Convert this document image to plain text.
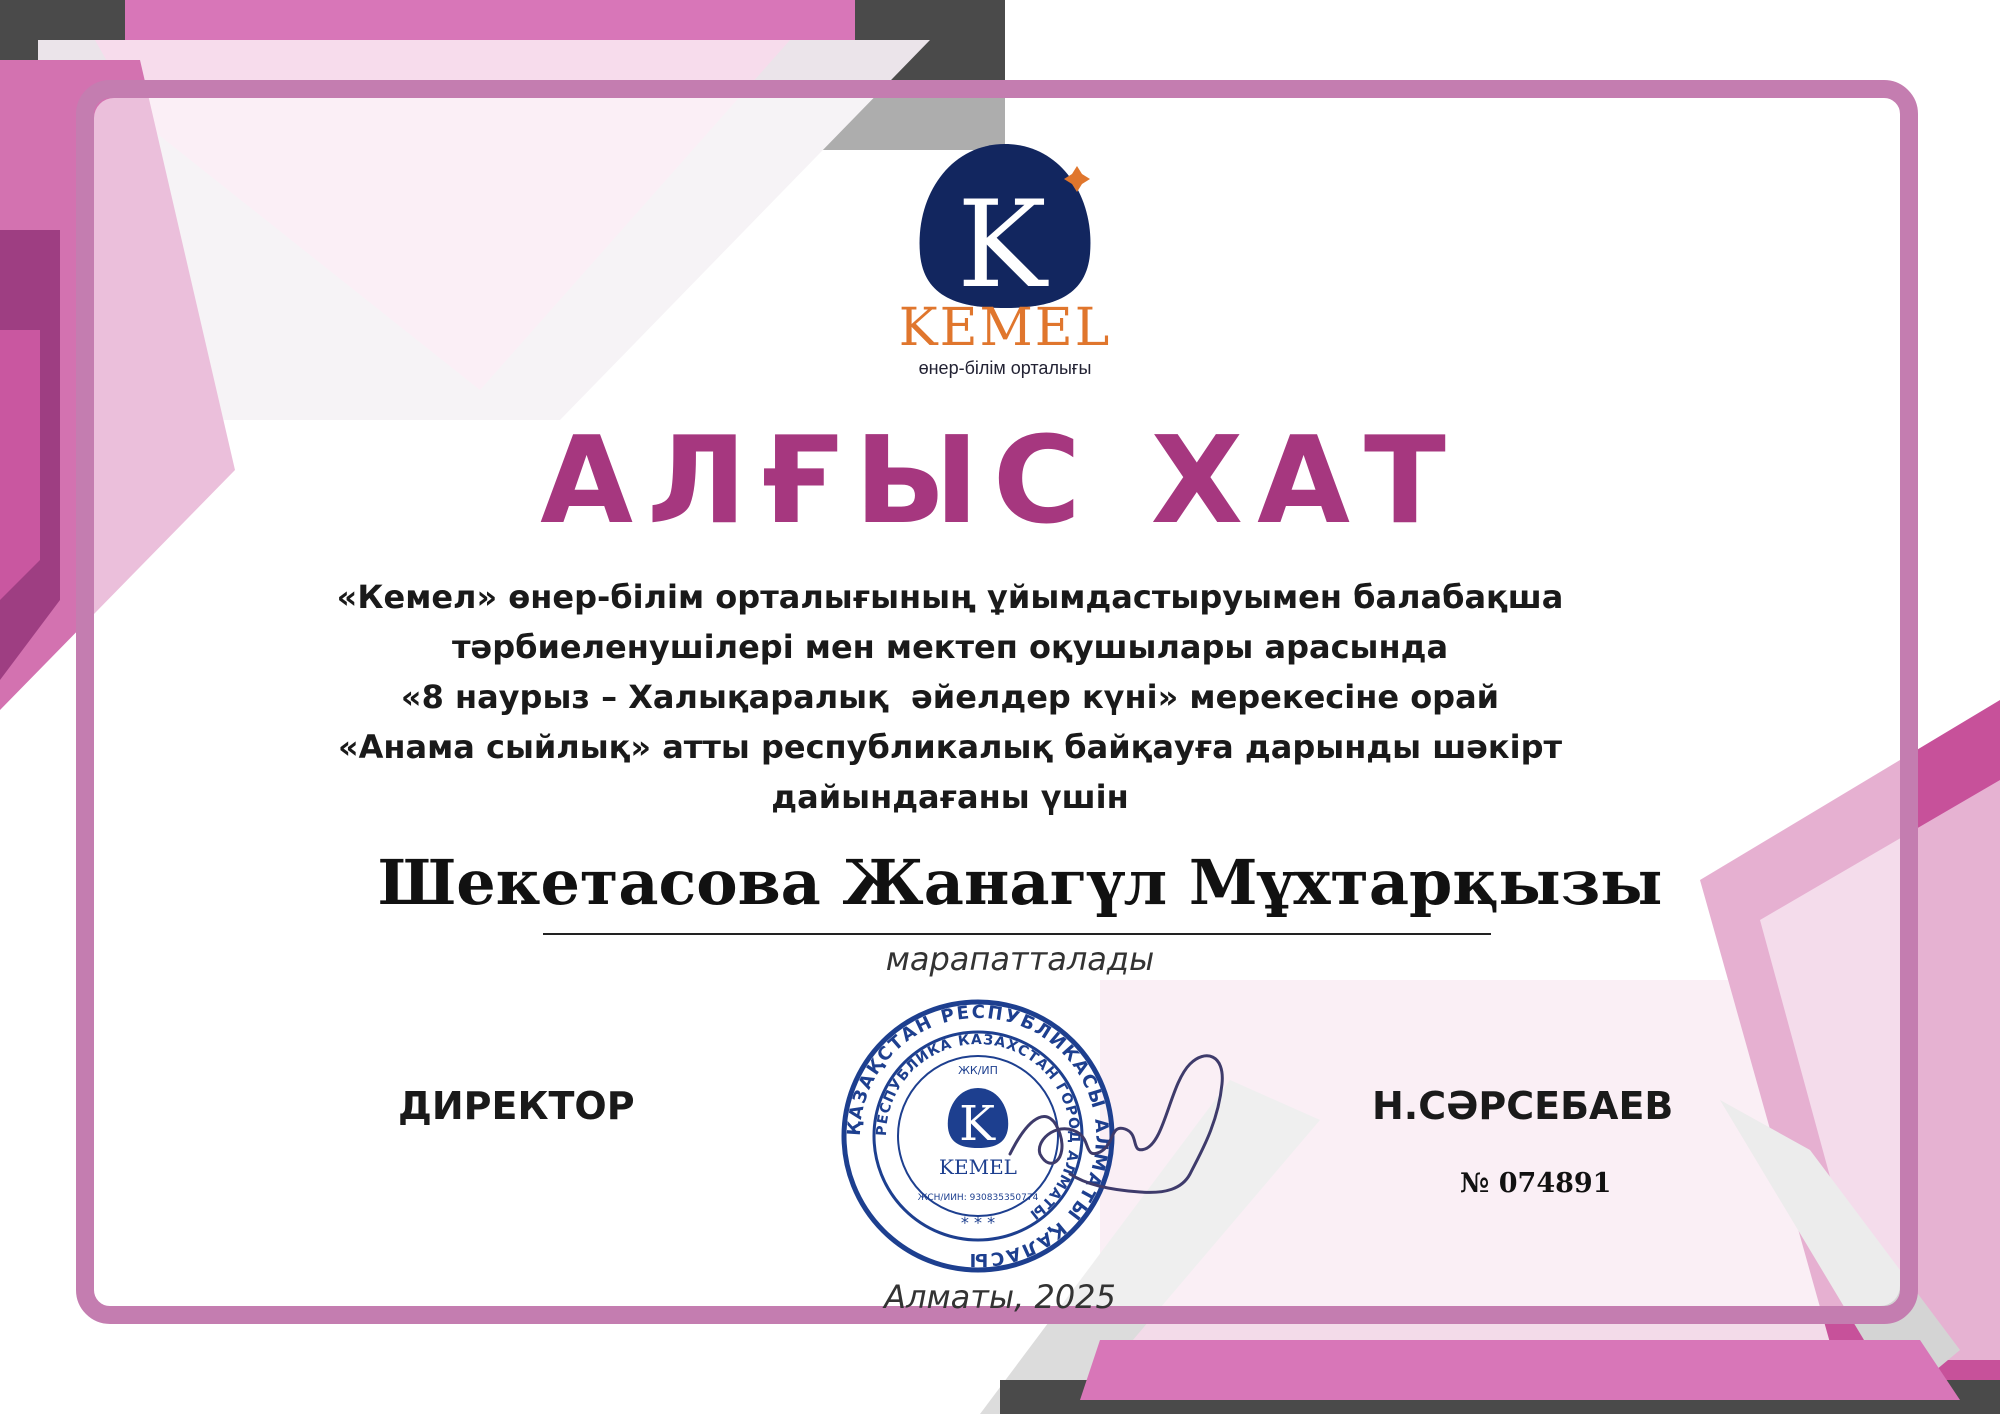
K
KEMEL
өнер-білім орталығы
АЛҒЫС ХАТ
«Кемел» өнер-білім орталығының ұйымдастыруымен балабақша
тәрбиеленушілері мен мектеп оқушылары арасында
«8 наурыз – Халықаралық  әйелдер күні» мерекесіне орай
«Анама сыйлық» атты республикалық байқауға дарынды шәкірт
дайындағаны үшін
Шекетасова Жанагүл Мұхтарқызы
марапатталады
ДИРЕКТОР	ҚАЗАҚСТАН РЕСПУБЛИКАСЫ АЛМАТЫ ҚАЛАСЫ
РЕСПУБЛИКА КАЗАХСТАН ГОРОД АЛМАТЫ
ЖК/ИП
K
KEMEL
ЖСН/ИИН: 930835350774
* * *
Н.СӘРСЕБАЕВ
№ 074891
Алматы, 2025
